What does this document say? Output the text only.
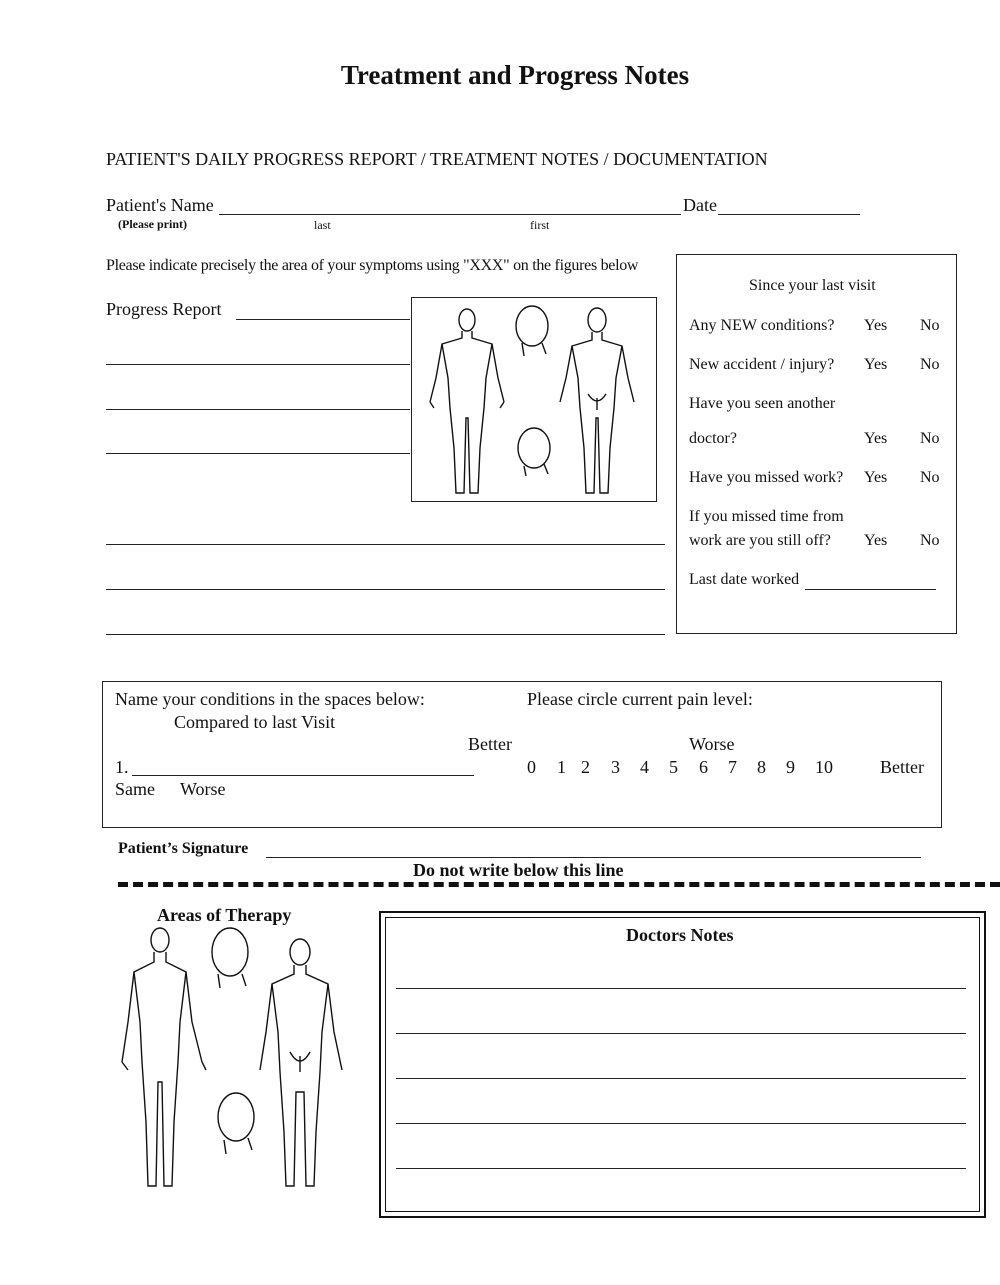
Treatment and Progress Notes
PATIENT'S DAILY PROGRESS REPORT / TREATMENT NOTES / DOCUMENTATION
Patient's Name	Date
(Please print)	last	first
Please indicate precisely the area of your symptoms using "XXX" on the figures below
Progress Report
Since your last visit
Any NEW conditions? Yes No
New accident / injury? Yes No
Have you seen another
doctor?	Yes No
Have you missed work? Yes No
If you missed time from
work are you still off? Yes No
Last date worked
Name your conditions in the spaces below:
Compared to last Visit
Please circle current pain level:
Better	Worse
1.	0 1 2 3 4 5 6 7 8 9 10	Better
Same Worse
Patient’s Signature
Do not write below this line
Areas of Therapy
Doctors Notes
